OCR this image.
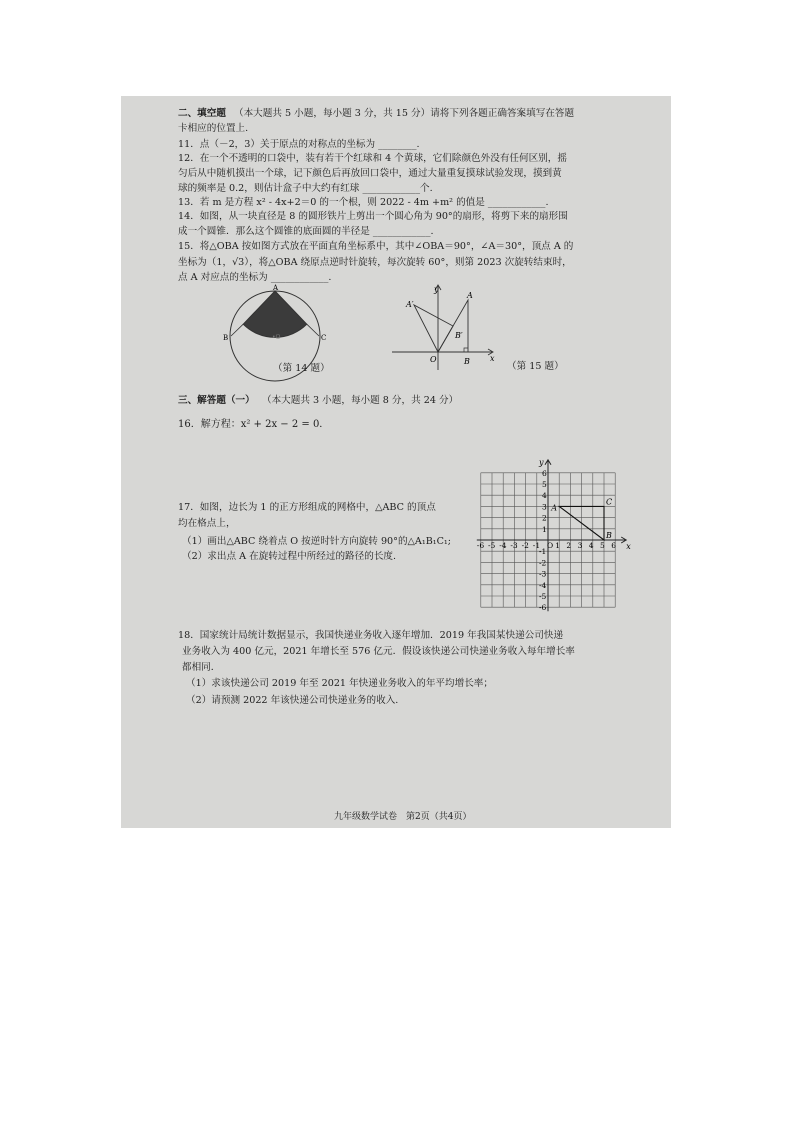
二、填空题 （本大题共 5 小题，每小题 3 分，共 15 分）请将下列各题正确答案填写在答题
卡相应的位置上.
11．点（－2，3）关于原点的对称点的坐标为 ________.
12．在一个不透明的口袋中，装有若干个红球和 4 个黄球，它们除颜色外没有任何区别，摇
匀后从中随机摸出一个球，记下颜色后再放回口袋中，通过大量重复摸球试验发现，摸到黄
球的频率是 0.2，则估计盒子中大约有红球 ____________个.
13．若 m 是方程 x² - 4x+2＝0 的一个根，则 2022 - 4m +m² 的值是 ____________.
14．如图，从一块直径是 8 的圆形铁片上剪出一个圆心角为 90°的扇形，将剪下来的扇形围
成一个圆锥．那么这个圆锥的底面圆的半径是 ____________.
15．将△OBA 按如图方式放在平面直角坐标系中，其中∠OBA＝90°，∠A＝30°，顶点 A 的
坐标为（1，√3），将△OBA 绕原点逆时针旋转，每次旋转 60°，则第 2023 次旋转结束时，
点 A 对应点的坐标为 ____________.
A
B	C
•O
（第 14 题）
y
x
O
A
A′
B
B′
（第 15 题）
三、解答题（一） （本大题共 3 小题，每小题 8 分，共 24 分）
16．解方程：x² + 2x − 2 = 0．
17．如图，边长为 1 的正方形组成的网格中，△ABC 的顶点
均在格点上，
（1）画出△ABC 绕着点 O 按逆时针方向旋转 90°的△A₁B₁C₁;
（2）求出点 A 在旋转过程中所经过的路径的长度.
-6 -5 -4 -3 -2 -1 1 2 3 4 5 6
6
5
4
3
2
1
-1
-2
-3
-4
-5
-6
O	x
y
A
C
B
18．国家统计局统计数据显示，我国快递业务收入逐年增加．2019 年我国某快递公司快递
业务收入为 400 亿元，2021 年增长至 576 亿元．假设该快递公司快递业务收入每年增长率
都相同．
（1）求该快递公司 2019 年至 2021 年快递业务收入的年平均增长率；
（2）请预测 2022 年该快递公司快递业务的收入.
九年级数学试卷　第2页（共4页）
